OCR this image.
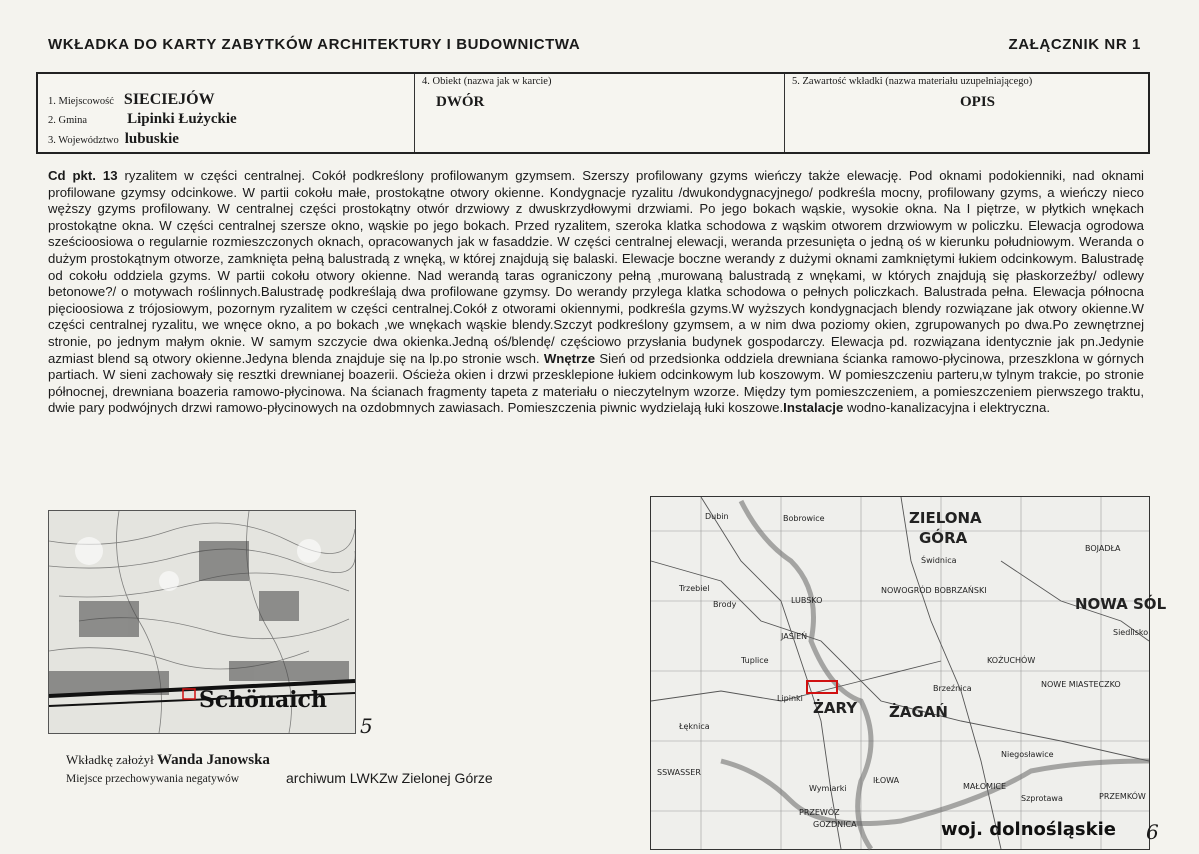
WKŁADKA DO KARTY ZABYTKÓW ARCHITEKTURY I BUDOWNICTWA	ZAŁĄCZNIK NR 1
1. Miejscowość SIECIEJÓW
2. Gmina	Lipinki Łużyckie
3. Województwo lubuskie
4. Obiekt (nazwa jak w karcie)
DWÓR
5. Zawartość wkładki (nazwa materiału uzupełniającego)
OPIS
Cd pkt. 13 ryzalitem w części centralnej. Cokół podkreślony profilowanym gzymsem. Szerszy profilowany gzyms wieńczy także elewację. Pod oknami podokienniki, nad oknami profilowane gzymsy odcinkowe. W partii cokołu małe, prostokątne otwory okienne. Kondygnacje ryzalitu /dwukondygnacyjnego/ podkreśla mocny, profilowany gzyms, a wieńczy nieco węższy gzyms profilowany. W centralnej części prostokątny otwór drzwiowy z dwuskrzydłowymi drzwiami. Po jego bokach wąskie, wysokie okna. Na I piętrze, w płytkich wnękach prostokątne okna. W części centralnej szersze okno, wąskie po jego bokach. Przed ryzalitem, szeroka klatka schodowa z wąskim otworem drzwiowym w policzku. Elewacja ogrodowa sześcioosiowa o regularnie rozmieszczonych oknach, opracowanych jak w fasaddzie. W części centralnej elewacji, weranda przesunięta o jedną oś w kierunku południowym. Weranda o dużym prostokątnym otworze, zamknięta pełną balustradą z wnęką, w której znajdują się balaski. Elewacje boczne werandy z dużymi oknami zamkniętymi łukiem odcinkowym. Balustradę od cokołu oddziela gzyms. W partii cokołu otwory okienne. Nad werandą taras ograniczony pełną ,murowaną balustradą z wnękami, w których znajdują się płaskorzeźby/ odlewy betonowe?/ o motywach roślinnych.Balustradę podkreślają dwa profilowane gzymsy. Do werandy przylega klatka schodowa o pełnych policzkach. Balustrada pełna. Elewacja północna pięcioosiowa z trójosiowym, pozornym ryzalitem w części centralnej.Cokół z otworami okiennymi, podkreśla gzyms.W wyższych kondygnacjach blendy rozwiązane jak otwory okienne.W części centralnej ryzalitu, we wnęce okno, a po bokach ,we wnękach wąskie blendy.Szczyt podkreślony gzymsem, a w nim dwa poziomy okien, zgrupowanych po dwa.Po zewnętrznej stronie, po jednym małym oknie. W samym szczycie dwa okienka.Jedną oś/blendę/ częściowo przysłania budynek gospodarczy. Elewacja pd. rozwiązana identycznie jak pn.Jedynie azmiast blend są otwory okienne.Jedyna blenda znajduje się na lp.po stronie wsch. Wnętrze Sień od przedsionka oddziela drewniana ścianka ramowo-płycinowa, przeszklona w górnych partiach. W sieni zachowały się resztki drewnianej boazerii. Ościeża okien i drzwi przesklepione łukiem odcinkowym lub koszowym. W pomieszczeniu parteru,w tylnym trakcie, po stronie północnej, drewniana boazeria ramowo-płycinowa. Na ścianach fragmenty tapeta z materiału o nieczytelnym wzorze. Między tym pomieszczeniem, a pomieszczeniem pierwszego traktu, dwie pary podwójnych drzwi ramowo-płycinowych na ozdobmnych zawiasach. Pomieszczenia piwnic wydzielają łuki koszowe.Instalacje wodno-kanalizacyjna i elektryczna.
Schönaich
5
ZIELONA
GÓRA
NOWA SÓL
ŻAGAŃ
ŻARY
JASIEŃ
Tuplice
Lipinki
Brody	LUBSKO
Bobrowice
KOŻUCHÓW
Brzeźnica
Niegosławice
Wymiarki
PRZEWÓZ
GOZDNICA
MAŁOMICE
BOJADŁA
Siedlisko
Dubin
Trzebiel
Łęknica
SSWASSER
NOWOGRÓD BOBRZAŃSKI
Świdnica
NOWE MIASTECZKO
Szprotawa
IŁOWA
PRZEMKÓW
woj. dolnośląskie 6
Wkładkę założył Wanda Janowska
Miejsce przechowywania negatywów	archiwum LWKZw Zielonej Górze
